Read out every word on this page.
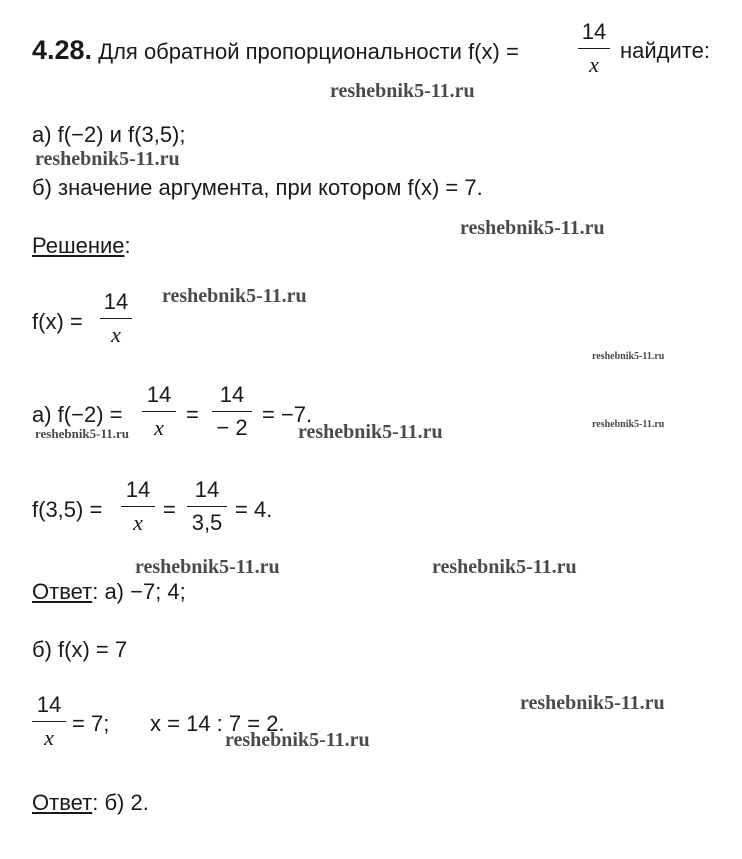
4.28. Для обратной пропорциональности f(x) =
14
x
найдите:
а) f(−2) и f(3,5);
б) значение аргумента, при котором f(x) = 7.
Решение:
f(x) =
14
x
а) f(−2) =
14
x
=
14
− 2
= −7.
f(3,5) =
14
x
=
14
3,5
= 4.
Ответ: а) −7; 4;
б) f(x) = 7
14
x
= 7; x = 14 : 7 = 2.
Ответ: б) 2.
reshebnik5-11.ru
reshebnik5-11.ru
reshebnik5-11.ru
reshebnik5-11.ru
reshebnik5-11.ru
reshebnik5-11.ru	reshebnik5-11.ru	reshebnik5-11.ru
reshebnik5-11.ru	reshebnik5-11.ru
reshebnik5-11.ru
reshebnik5-11.ru
